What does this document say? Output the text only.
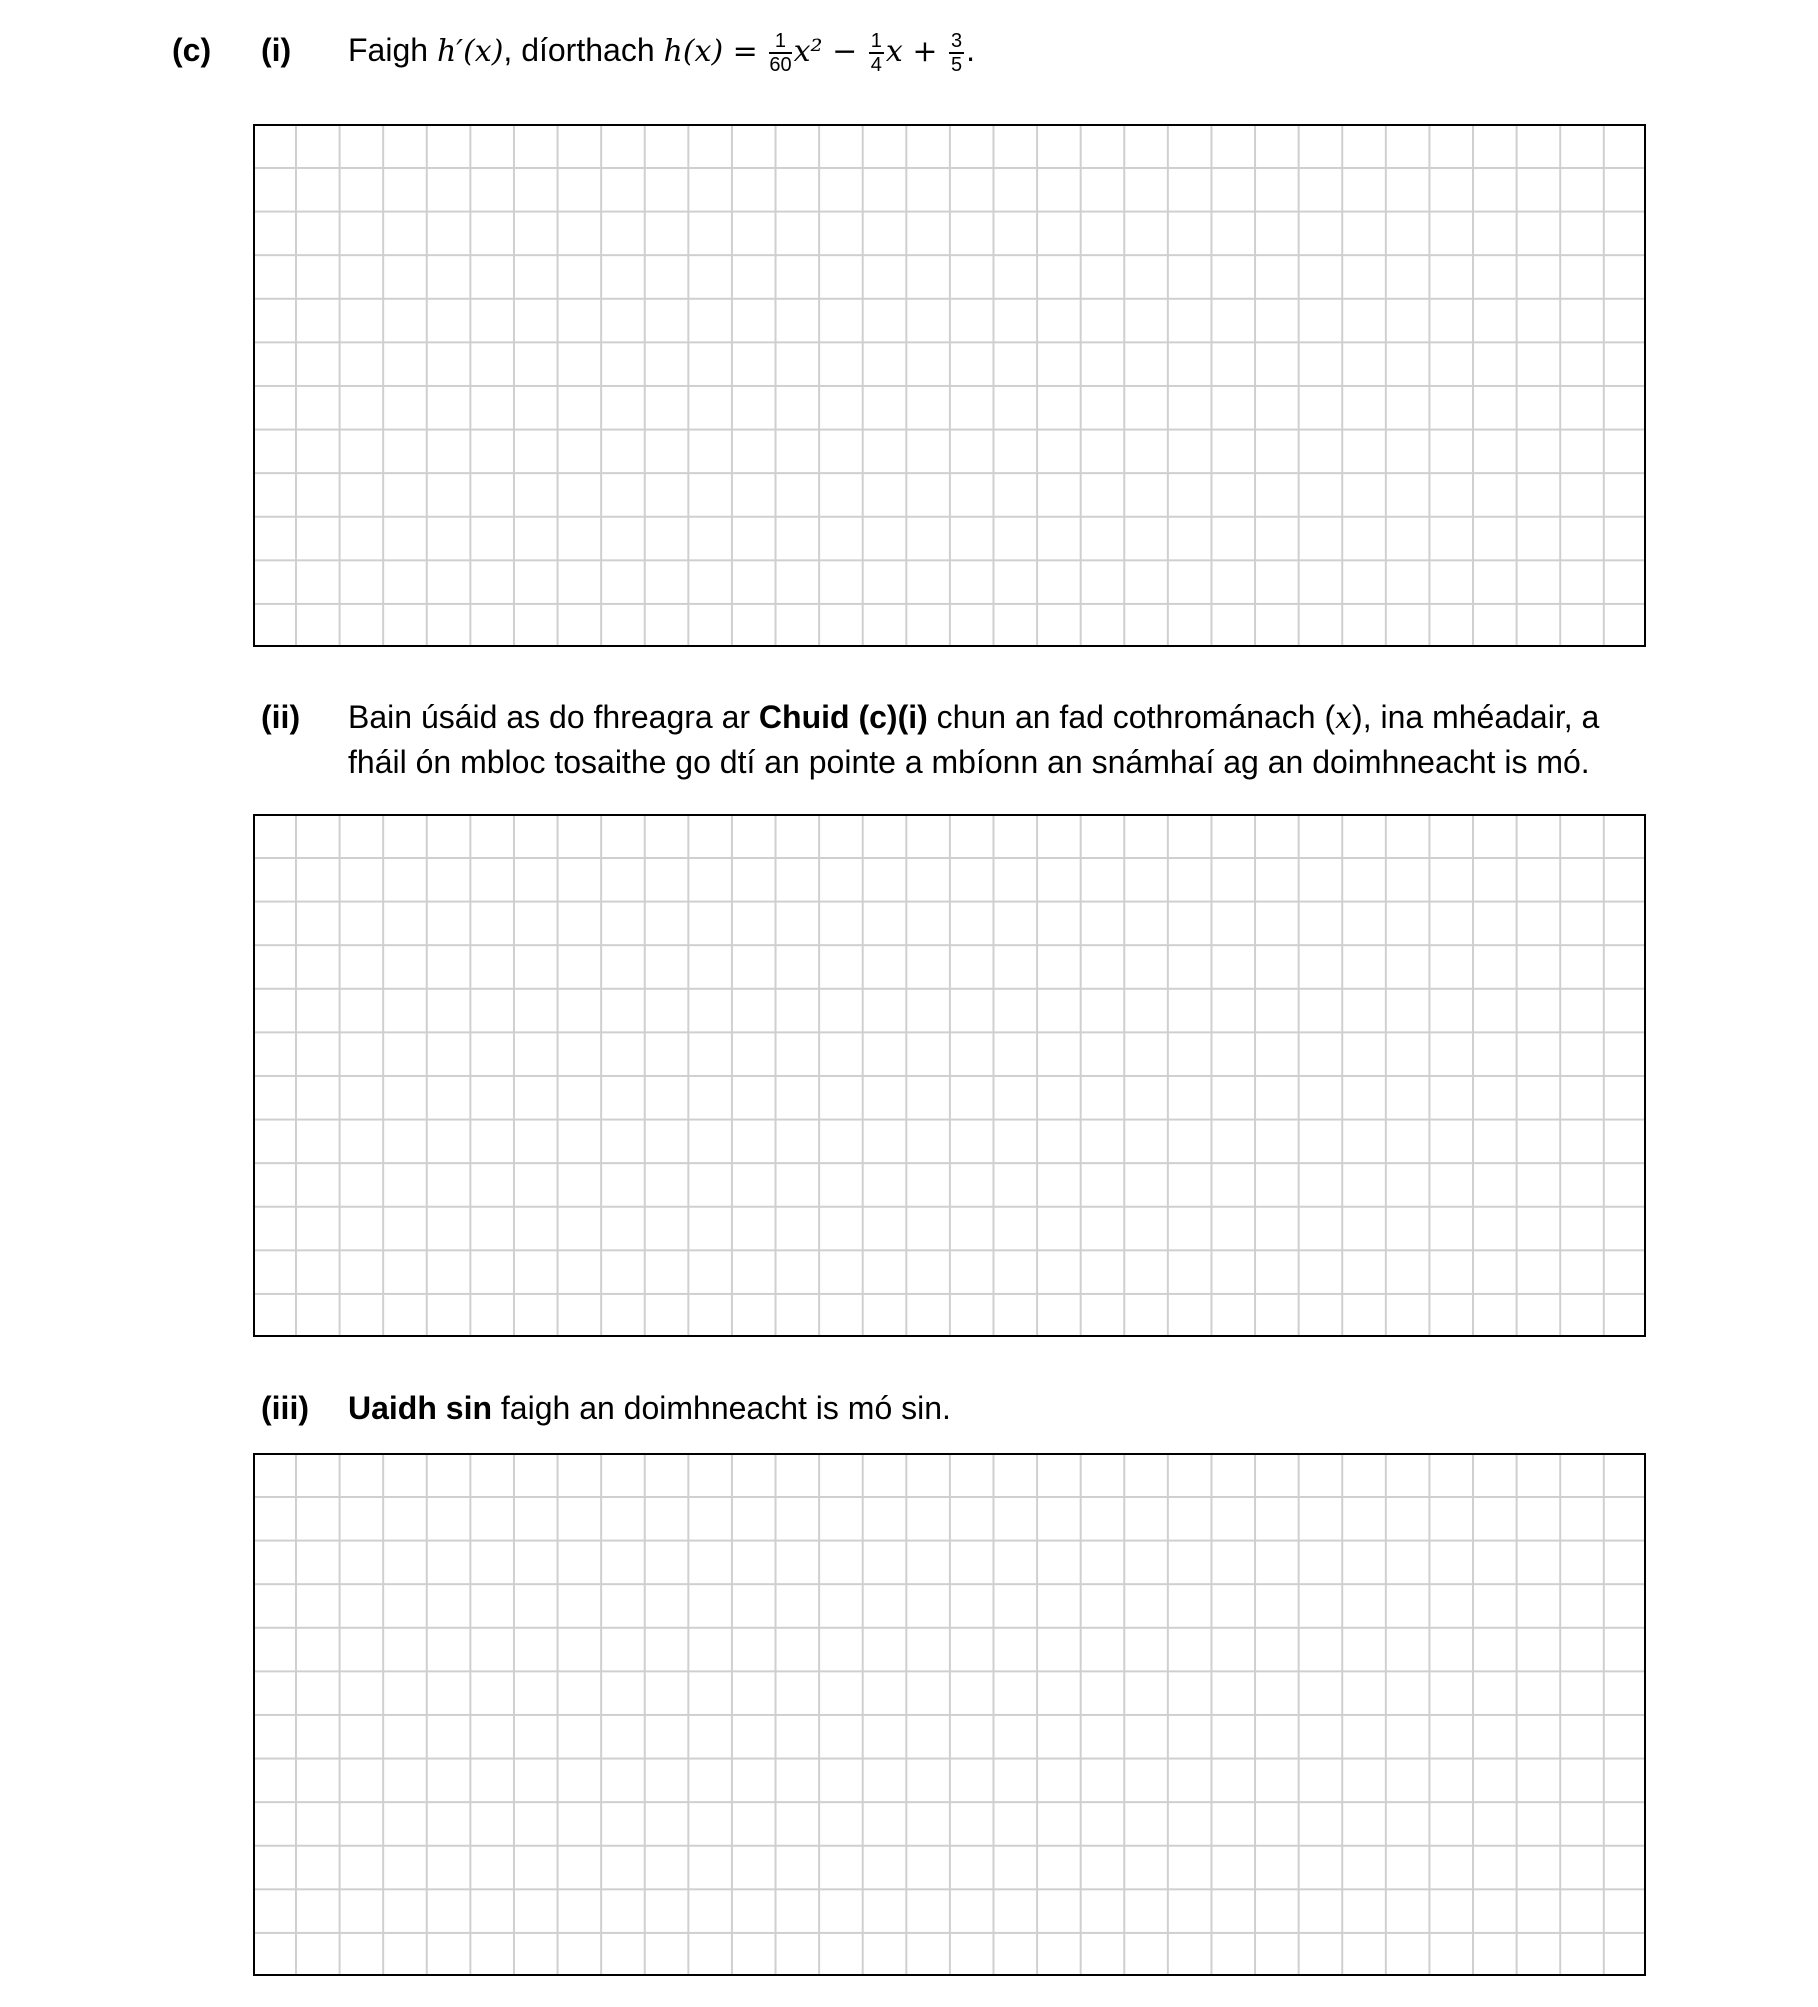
(c) (i) Faigh h′(x), díorthach $h(x) = \frac{1}{60} x^2 - \frac{1}{4}$ $x + \frac{3}{5}$ .
(ii) Bain úsáid as do fhreagra ar Chuid (c)(i) chun an fad cothrománach (x), ina mhéadair, a
fháil ón mbloc tosaithe go dtí an pointe a mbíonn an snámhaí ag an doimhneacht is mó.
(iii) Uaidh sin faigh an doimhneacht is mó sin.
